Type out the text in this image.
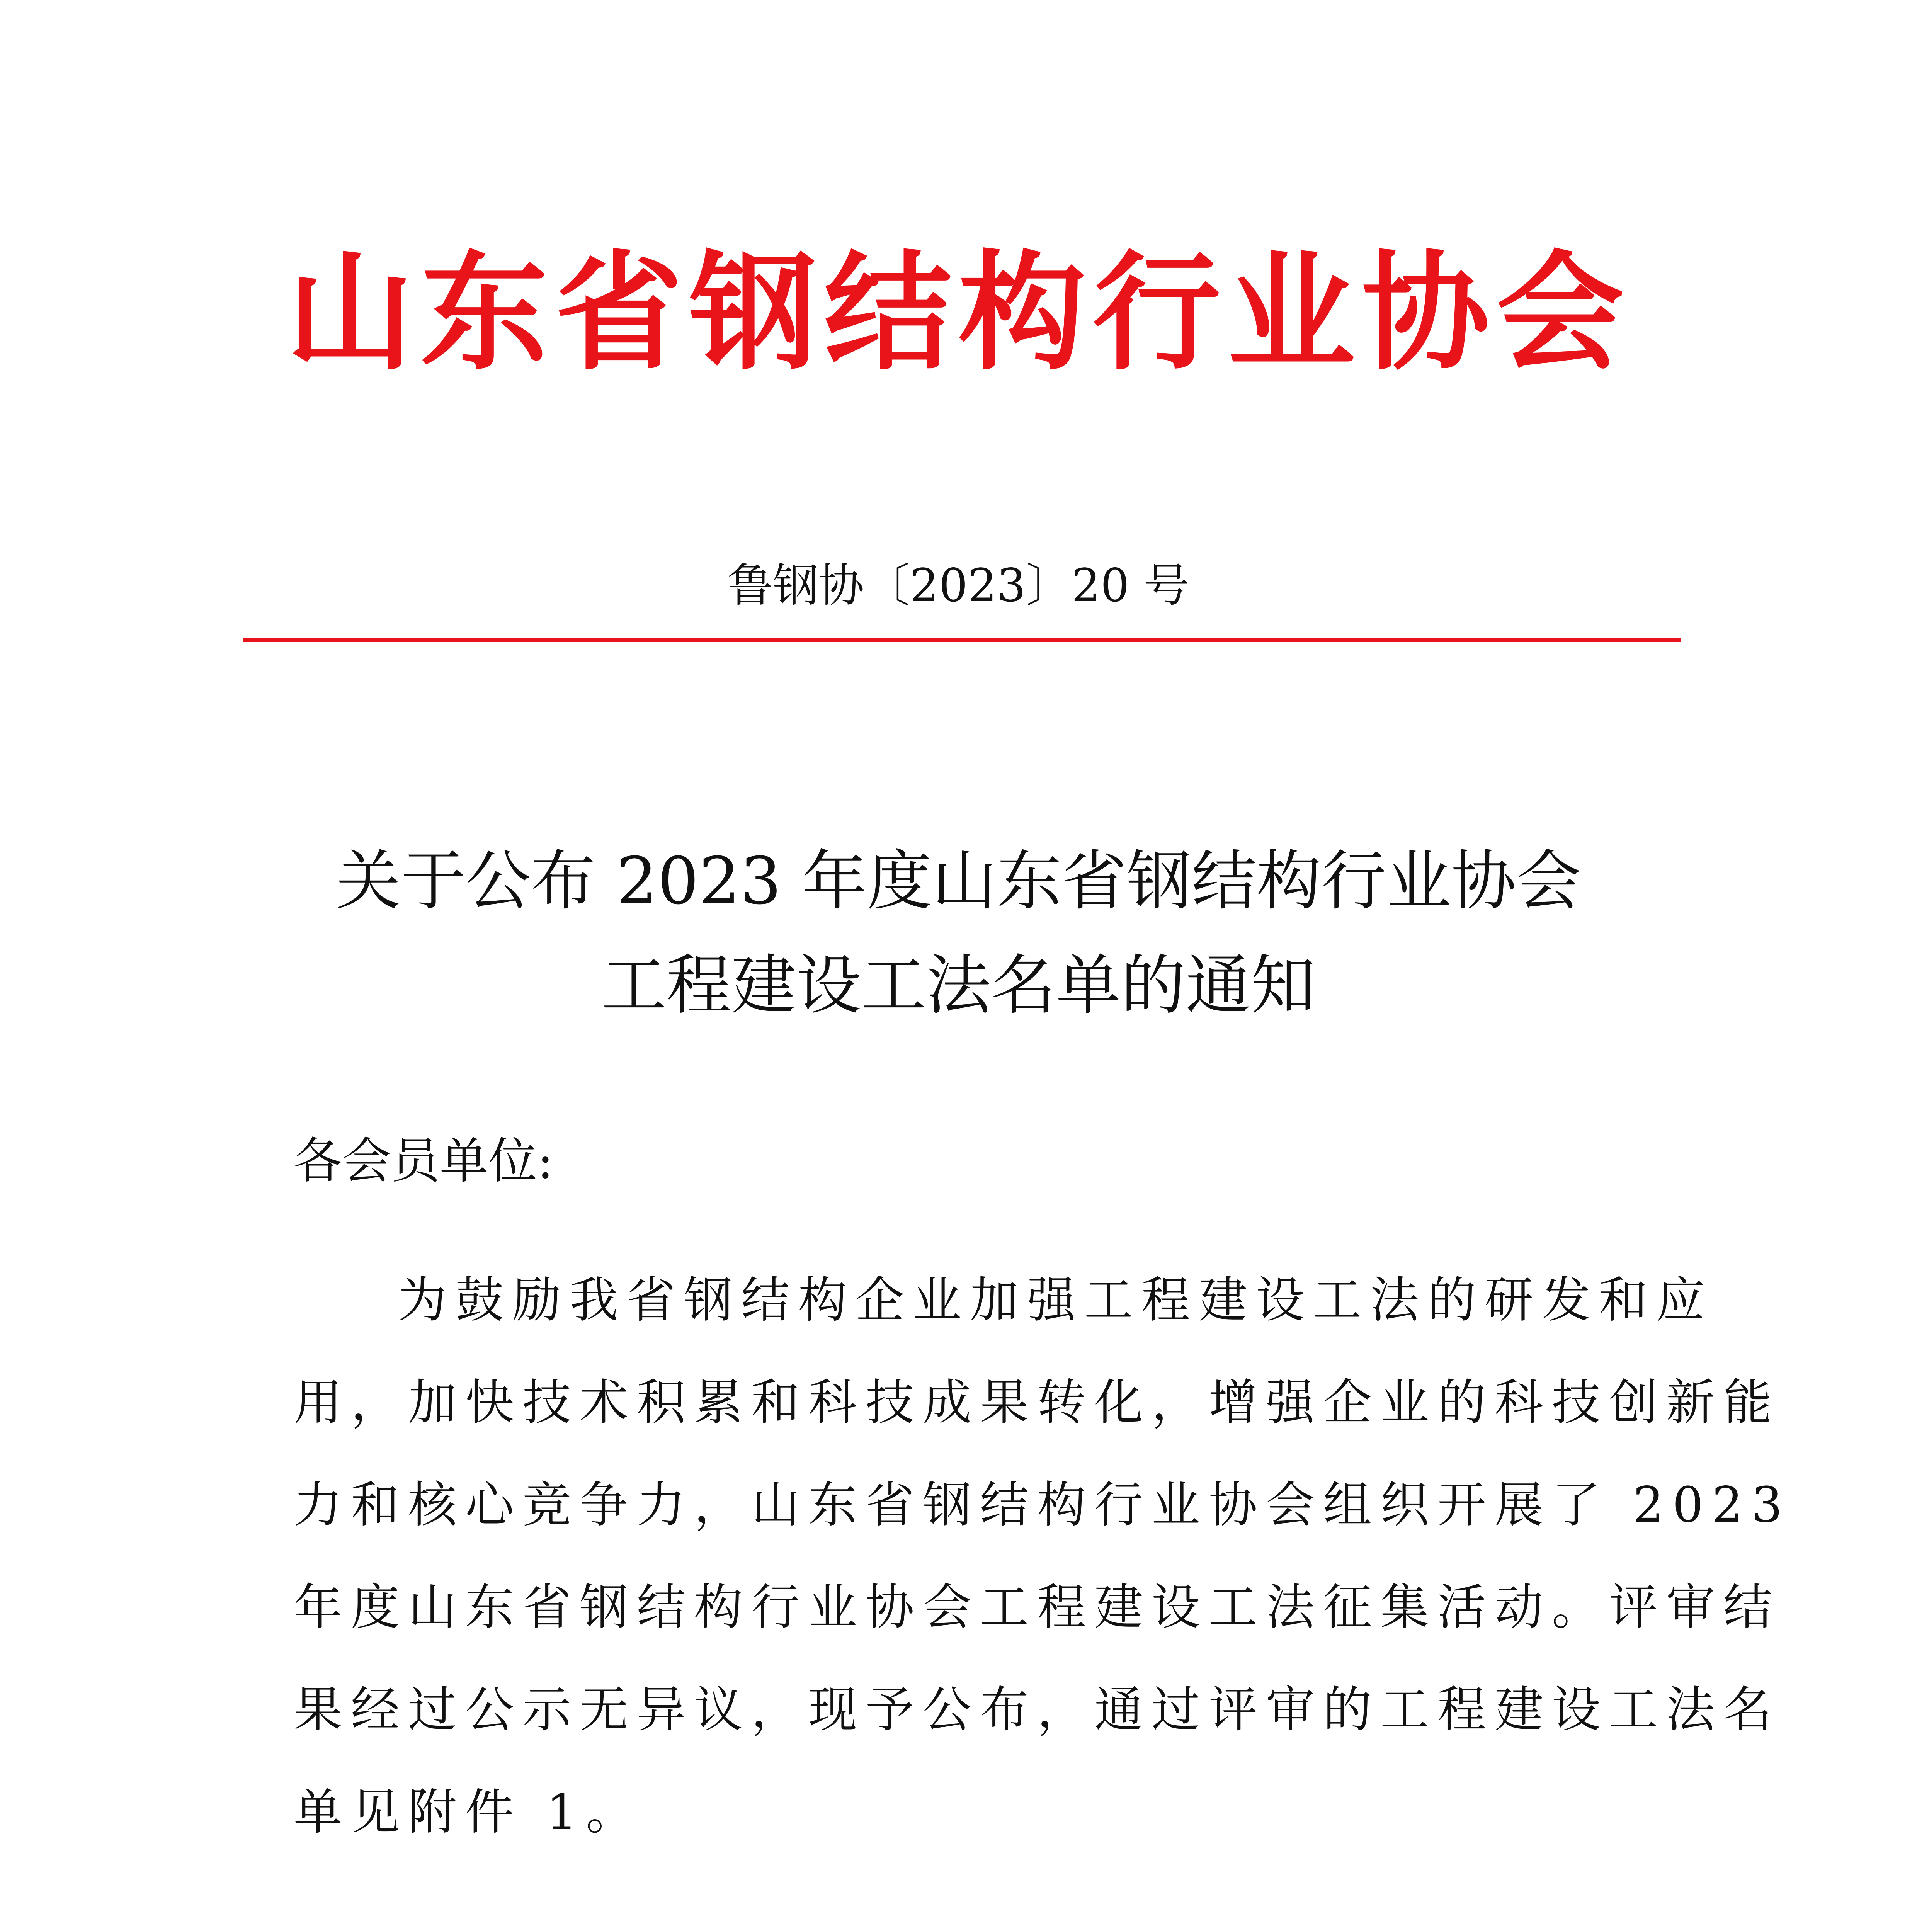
山东省钢结构行业协会
鲁钢协〔2023〕20 号
关于公布 2023 年度山东省钢结构行业协会
工程建设工法名单的通知
各会员单位:
为鼓励我省钢结构企业加强工程建设工法的研发和应
用，加快技术积累和科技成果转化，增强企业的科技创新能
力和核心竞争力，山东省钢结构行业协会组织开展了 2023
年度山东省钢结构行业协会工程建设工法征集活动。评审结
果经过公示无异议，现予公布，通过评审的工程建设工法名
单见附件 1。
